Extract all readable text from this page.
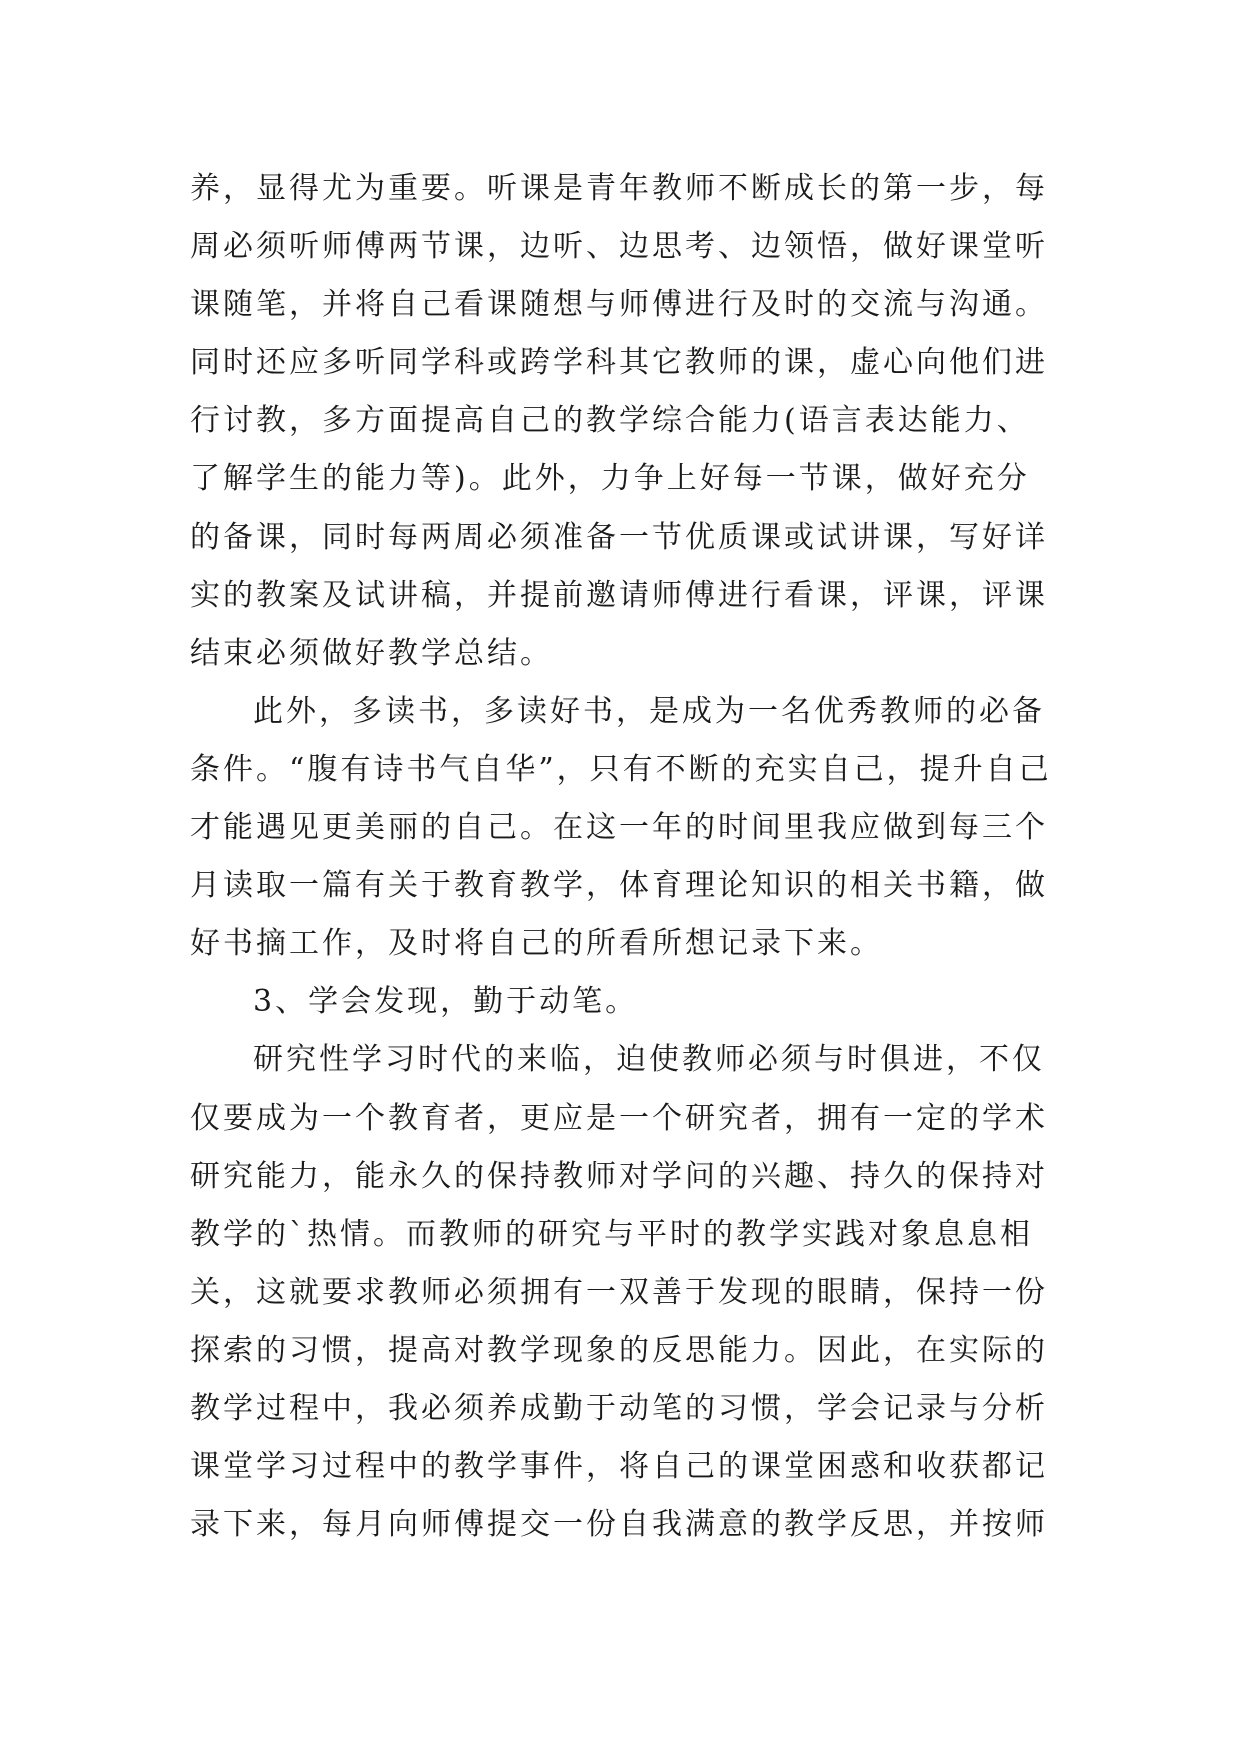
养，显得尤为重要。听课是青年教师不断成长的第一步，每
周必须听师傅两节课，边听、边思考、边领悟，做好课堂听
课随笔，并将自己看课随想与师傅进行及时的交流与沟通。
同时还应多听同学科或跨学科其它教师的课，虚心向他们进
行讨教，多方面提高自己的教学综合能力(语言表达能力、
了解学生的能力等)。此外，力争上好每一节课，做好充分
的备课，同时每两周必须准备一节优质课或试讲课，写好详
实的教案及试讲稿，并提前邀请师傅进行看课，评课，评课
结束必须做好教学总结。
此外，多读书，多读好书，是成为一名优秀教师的必备
条件。“腹有诗书气自华”，只有不断的充实自己，提升自己
才能遇见更美丽的自己。在这一年的时间里我应做到每三个
月读取一篇有关于教育教学，体育理论知识的相关书籍，做
好书摘工作，及时将自己的所看所想记录下来。
3、学会发现，勤于动笔。
研究性学习时代的来临，迫使教师必须与时俱进，不仅
仅要成为一个教育者，更应是一个研究者，拥有一定的学术
研究能力，能永久的保持教师对学问的兴趣、持久的保持对
教学的`热情。而教师的研究与平时的教学实践对象息息相
关，这就要求教师必须拥有一双善于发现的眼睛，保持一份
探索的习惯，提高对教学现象的反思能力。因此，在实际的
教学过程中，我必须养成勤于动笔的习惯，学会记录与分析
课堂学习过程中的教学事件，将自己的课堂困惑和收获都记
录下来，每月向师傅提交一份自我满意的教学反思，并按师
